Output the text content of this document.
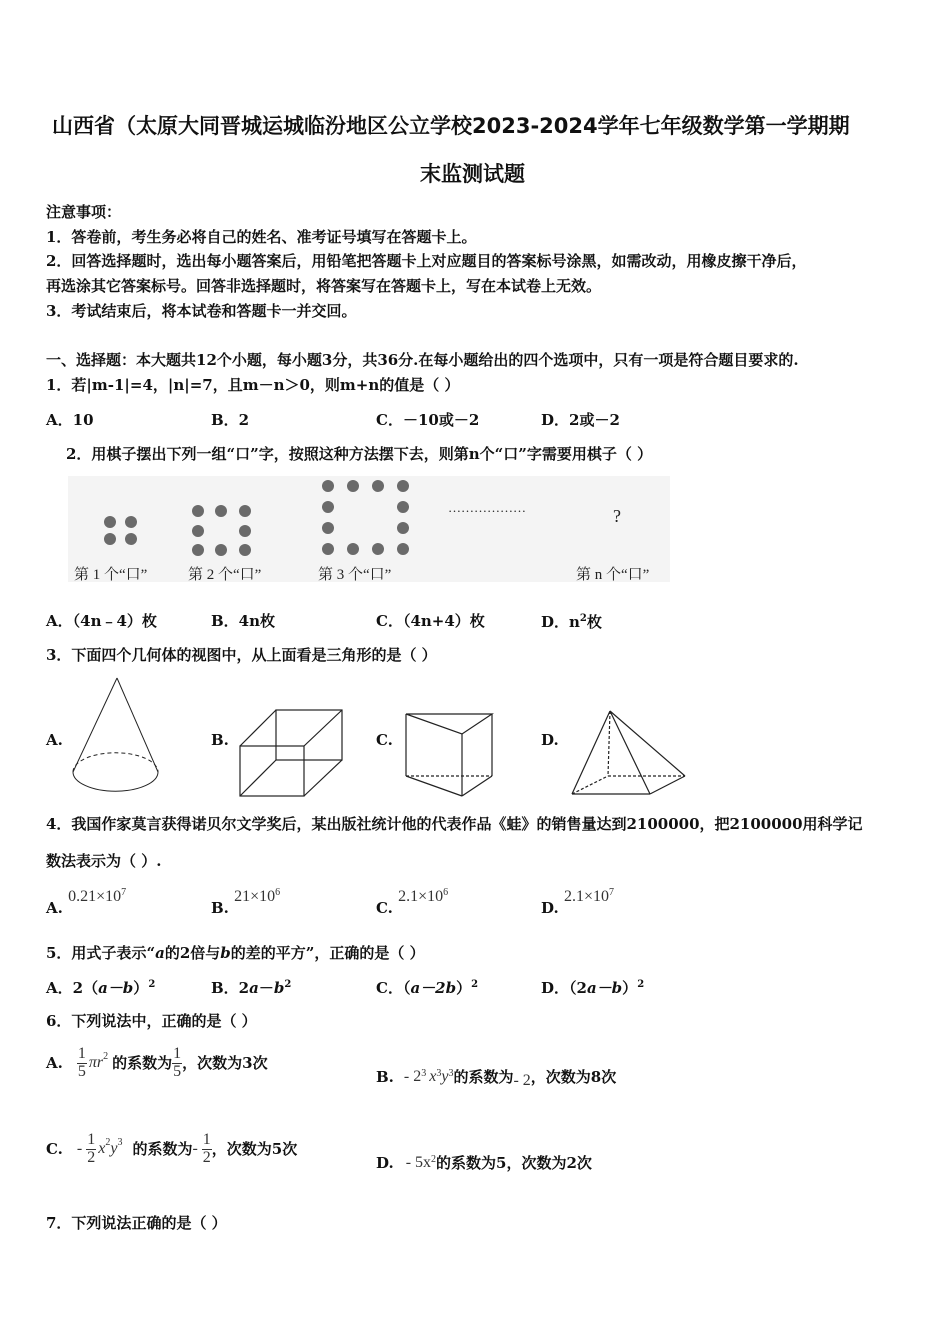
山西省（太原大同晋城运城临汾地区公立学校2023-2024学年七年级数学第一学期期
末监测试题
注意事项：
1．答卷前，考生务必将自己的姓名、准考证号填写在答题卡上。
2．回答选择题时，选出每小题答案后，用铅笔把答题卡上对应题目的答案标号涂黑，如需改动，用橡皮擦干净后，
再选涂其它答案标号。回答非选择题时，将答案写在答题卡上，写在本试卷上无效。
3．考试结束后，将本试卷和答题卡一并交回。
一、选择题：本大题共12个小题，每小题3分，共36分.在每小题给出的四个选项中，只有一项是符合题目要求的.
1．若|m-1|=4，|n|=7，且m－n＞0，则m+n的值是（ ）
A．10	B．2	C．－10或－2	D．2或－2
2．用棋子摆出下列一组“口”字，按照这种方法摆下去，则第n个“口”字需要用棋子（ ）
………………	?
第 1 个“口”	第 2 个“口”	第 3 个“口”	第 n 个“口”
A．（4n﹣4）枚	B．4n枚	C．（4n+4）枚	D．$n^2$枚
3．下面四个几何体的视图中，从上面看是三角形的是（ ）
A.	B.	C.	D.
4．我国作家莫言获得诺贝尔文学奖后，某出版社统计他的代表作品《蛙》的销售量达到2100000，把2100000用科学记
数法表示为（ ）.
A. $0.21\times 10^7$
B. $21\times 10^6$
C. $2.1\times 10^6$
D. $2.1\times 10^7$
5．用式子表示“a的2倍与b的差的平方”，正确的是（ ）
A．$2(a-b)^2$	B．$2a-b^2$	C．$(a-2b)^2$	D．$(2a-b)^2$
6．下列说法中，正确的是（ ）
A. $\frac{1}{5} \pi r^2$ 的系数为 $\frac{1}{5}$ ，次数为3次
B. - $2^3$ $x^3$ $y^3$ 的系数为 - 2 ，次数为8次
C. - $\frac{1}{2} x^2$ $y^3$ 的系数为 - $\frac{1}{2}$ ，次数为5次
D. - $5x^2$ 的系数为5，次数为2次
7．下列说法正确的是（ ）
